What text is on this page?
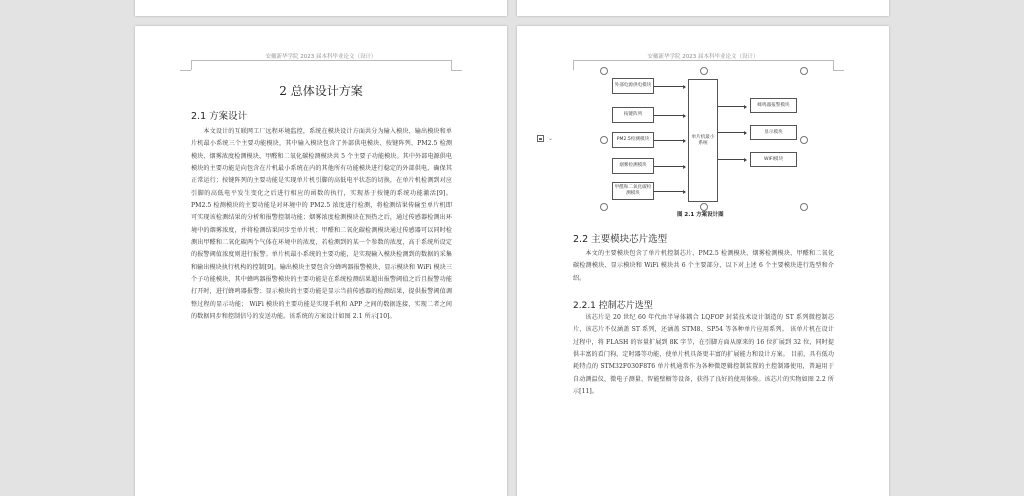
安徽新华学院 2023 届本科毕业论文（设计）
2 总体设计方案
2.1 方案设计
本文设计的互联网工厂远程环境监控，系统在模块设计方面共分为输入模块、输出模块和单片机最小系统三个主要功能模块，其中输入模块包含了外部供电模块、按键阵列、PM2.5 检测模块、烟雾浓度检测模块、甲醛和二氧化碳检测模块共 5 个主要子功能模块。其中外部电源供电模块的主要功能是向包含在片机最小系统在内的其他所有功能模块进行稳定的外部供电，确保其正常运行；按键阵列的主要功能是实现单片机引脚的高低电平状态的切换，在单片机检测到对应引脚的高低电平发生变化之后进行相应的函数的执行，实现基于按键的系统功能激活[9]。 PM2.5 检测模块的主要功能是对环境中的 PM2.5 浓度进行检测，将检测结果传输至单片机即可实现该检测结果的分析和报警控制功能；烟雾浓度检测模块在预热之后，通过传感器检测出环境中的烟雾浓度，并将检测结果同步至单片机；甲醛和二氧化碳检测模块通过传感器可以同时检测出甲醛和二氧化碳两个气体在环境中的浓度，若检测到的某一个参数的浓度，高于系统所设定的报警阈值浓度则进行报警。单片机最小系统的主要功能，是实现输入模块检测到的数据的采集和输出模块执行机构的控制[9]。输出模块主要包含分蜂鸣器报警模块、显示模块和 WiFi 模块三个子功能模块，其中蜂鸣器报警模块的主要功能是在系统检测结果超出报警阈值之后且报警功能打开时，进行蜂鸣器报警；显示模块的主要功能是显示当前传感器的检测结果，提供报警阈值调整过程的显示功能； WiFi 模块的主要功能是实现手机和 APP 之间的数据连接，实现二者之间的数据同步和控制信号的发送功能。该系统的方案设计如图 2.1 所示[10]。
安徽新华学院 2023 届本科毕业论文（设计）
外部电源供电模块
按键阵列
PM2.5检测模块
烟雾检测模块
甲醛和二氧化碳检测模块
单片机最小系统
蜂鸣器报警模块
显示模块
WIFI模块
图 2.1 方案设计图
⌄
2.2 主要模块芯片选型
本文的主要模块包含了单片机控制芯片、PM2.5 检测模块、烟雾检测模块、甲醛和二氧化碳检测模块、显示模块和 WiFi 模块共 6 个主要部分，以下对上述 6 个主要模块进行选型和介绍。
2.2.1 控制芯片选型
该芯片是 20 世纪 60 年代由半导体耦合 LQFOP 封装技术设计制造的 ST 系列微控制芯片，该芯片不仅涵盖 ST 系列，还涵盖 STM8、SP54 等各种单片应用系列。 该单片机在设计过程中，将 FLASH 的容量扩展到 8K 字节，在引脚方面从原来的 16 位扩展到 32 位，同时提供丰富的看门狗、定时器等功能，使单片机具备更丰富的扩展能力和设计方案。 目前，具有低功耗特点的 STM32F030F8T6 单片机通常作为各种微逻辑控制装置的主控制器使用，普遍用于自动测温仪、微电子测量、智能壁橱等设备，获得了良好的使用体验。该芯片的实物如图 2.2 所示[11]。
